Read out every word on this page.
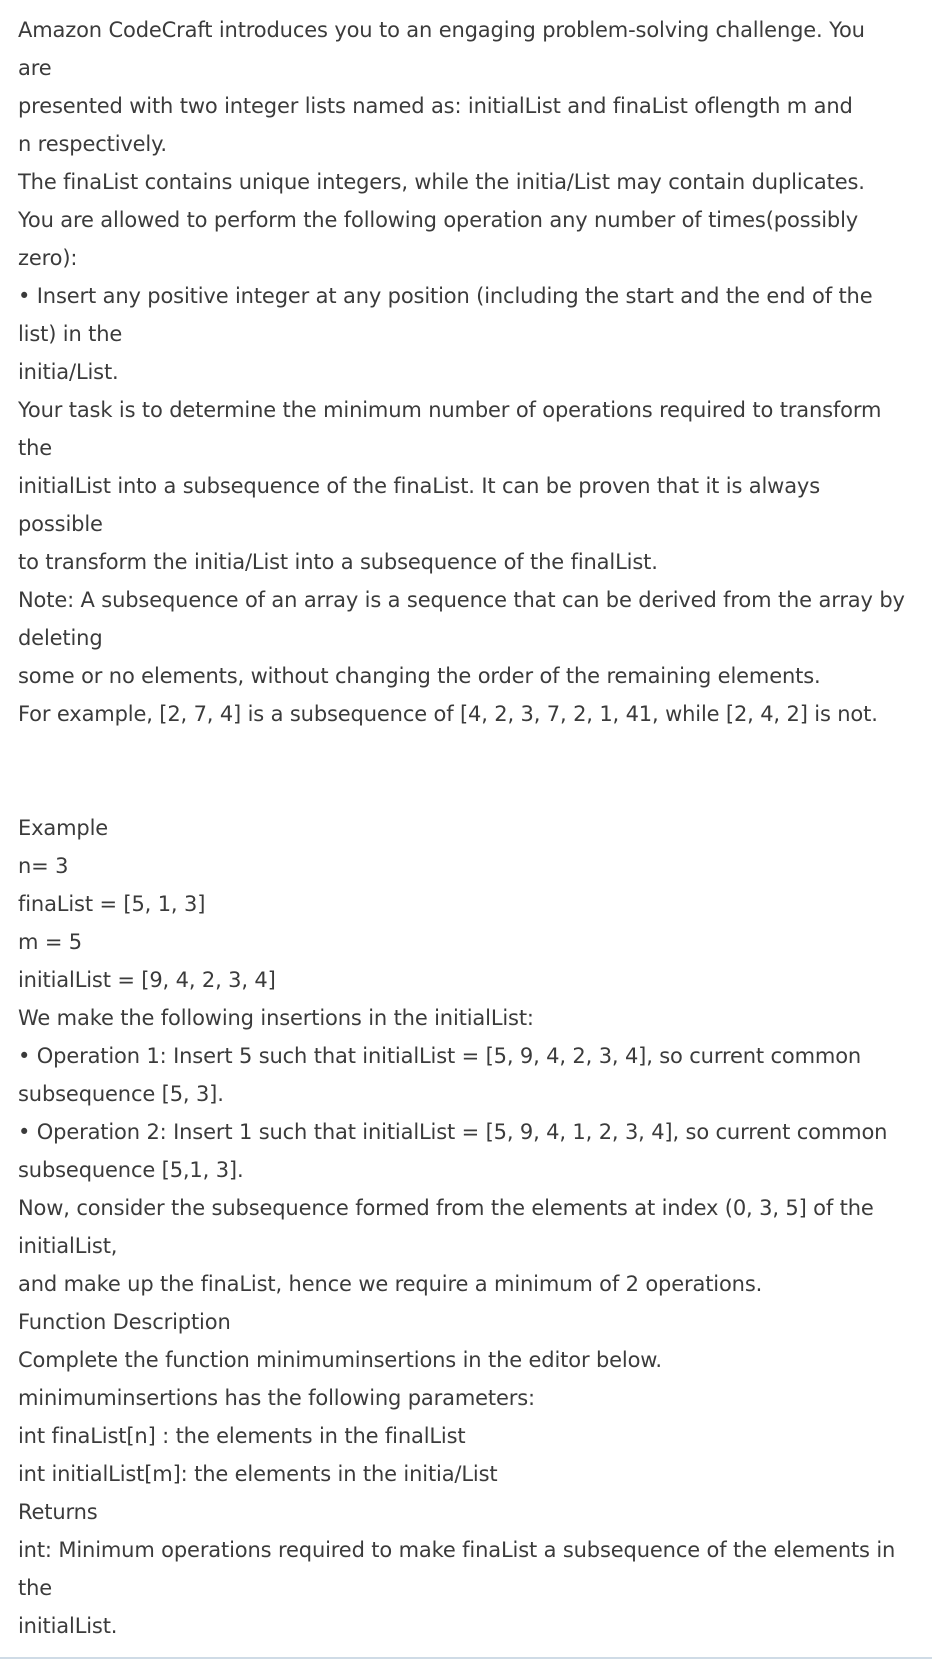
Amazon CodeCraft introduces you to an engaging problem-solving challenge. You
are
presented with two integer lists named as: initialList and finaList oflength m and
n respectively.
The finaList contains unique integers, while the initia/List may contain duplicates.
You are allowed to perform the following operation any number of times(possibly
zero):
• Insert any positive integer at any position (including the start and the end of the
list) in the
initia/List.
Your task is to determine the minimum number of operations required to transform
the
initialList into a subsequence of the finaList. It can be proven that it is always
possible
to transform the initia/List into a subsequence of the finalList.
Note: A subsequence of an array is a sequence that can be derived from the array by
deleting
some or no elements, without changing the order of the remaining elements.
For example, [2, 7, 4] is a subsequence of [4, 2, 3, 7, 2, 1, 41, while [2, 4, 2] is not.
Example
n= 3
finaList = [5, 1, 3]
m = 5
initialList = [9, 4, 2, 3, 4]
We make the following insertions in the initialList:
• Operation 1: Insert 5 such that initialList = [5, 9, 4, 2, 3, 4], so current common
subsequence [5, 3].
• Operation 2: Insert 1 such that initialList = [5, 9, 4, 1, 2, 3, 4], so current common
subsequence [5,1, 3].
Now, consider the subsequence formed from the elements at index (0, 3, 5] of the
initialList,
and make up the finaList, hence we require a minimum of 2 operations.
Function Description
Complete the function minimuminsertions in the editor below.
minimuminsertions has the following parameters:
int finaList[n] : the elements in the finalList
int initialList[m]: the elements in the initia/List
Returns
int: Minimum operations required to make finaList a subsequence of the elements in
the
initialList.
